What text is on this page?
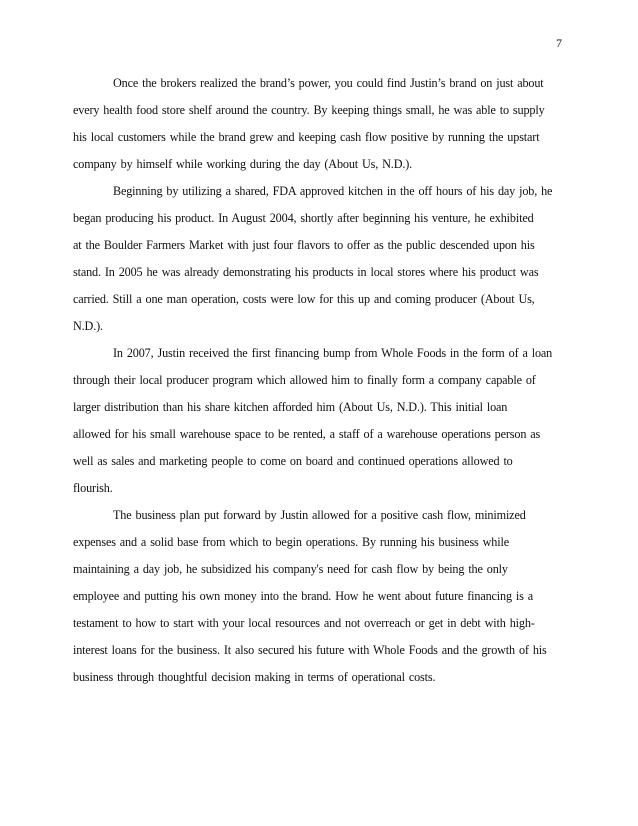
7
Once the brokers realized the brand’s power, you could find Justin’s brand on just about
every health food store shelf around the country. By keeping things small, he was able to supply
his local customers while the brand grew and keeping cash flow positive by running the upstart
company by himself while working during the day (About Us, N.D.).
Beginning by utilizing a shared, FDA approved kitchen in the off hours of his day job, he
began producing his product. In August 2004, shortly after beginning his venture, he exhibited
at the Boulder Farmers Market with just four flavors to offer as the public descended upon his
stand. In 2005 he was already demonstrating his products in local stores where his product was
carried. Still a one man operation, costs were low for this up and coming producer (About Us,
N.D.).
In 2007, Justin received the first financing bump from Whole Foods in the form of a loan
through their local producer program which allowed him to finally form a company capable of
larger distribution than his share kitchen afforded him (About Us, N.D.). This initial loan
allowed for his small warehouse space to be rented, a staff of a warehouse operations person as
well as sales and marketing people to come on board and continued operations allowed to
flourish.
The business plan put forward by Justin allowed for a positive cash flow, minimized
expenses and a solid base from which to begin operations. By running his business while
maintaining a day job, he subsidized his company's need for cash flow by being the only
employee and putting his own money into the brand. How he went about future financing is a
testament to how to start with your local resources and not overreach or get in debt with high-
interest loans for the business. It also secured his future with Whole Foods and the growth of his
business through thoughtful decision making in terms of operational costs.
